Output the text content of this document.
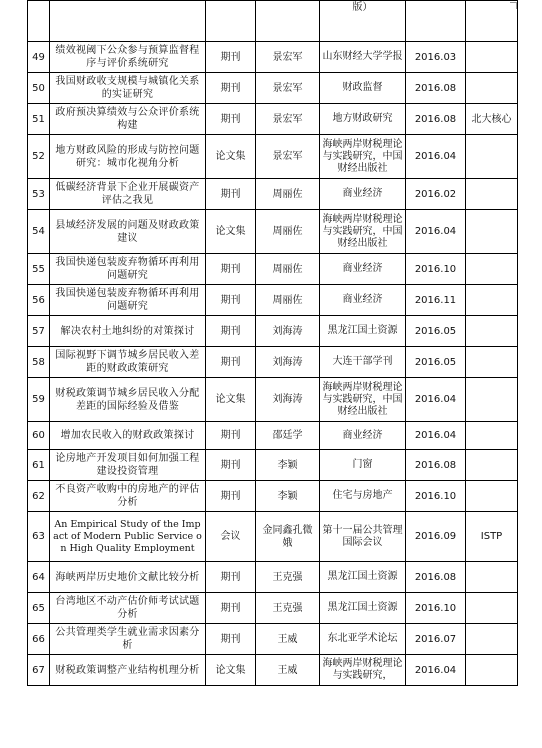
				版）		
49	绩效视阈下公众参与预算监督程序与评价系统研究	期刊	景宏军	山东财经大学学报	2016.03	
50	我国财政收支规模与城镇化关系的实证研究	期刊	景宏军	财政监督	2016.08	
51	政府预决算绩效与公众评价系统构建	期刊	景宏军	地方财政研究	2016.08	北大核心
52	地方财政风险的形成与防控问题研究：城市化视角分析	论文集	景宏军	海峡两岸财税理论与实践研究，中国财经出版社	2016.04	
53	低碳经济背景下企业开展碳资产评估之我见	期刊	周丽佐	商业经济	2016.02	
54	县域经济发展的问题及财政政策建议	论文集	周丽佐	海峡两岸财税理论与实践研究，中国财经出版社	2016.04	
55	我国快递包装废弃物循环再利用问题研究	期刊	周丽佐	商业经济	2016.10	
56	我国快递包装废弃物循环再利用问题研究	期刊	周丽佐	商业经济	2016.11	
57	解决农村土地纠纷的对策探讨	期刊	刘海涛	黑龙江国土资源	2016.05	
58	国际视野下调节城乡居民收入差距的财政政策研究	期刊	刘海涛	大连干部学刊	2016.05	
59	财税政策调节城乡居民收入分配差距的国际经验及借鉴	论文集	刘海涛	海峡两岸财税理论与实践研究，中国财经出版社	2016.04	
60	增加农民收入的财政政策探讨	期刊	邵廷学	商业经济	2016.04	
61	论房地产开发项目如何加强工程建设投资管理	期刊	李颖	门窗	2016.08	
62	不良资产收购中的房地产的评估分析	期刊	李颖	住宅与房地产	2016.10	
63	An Empirical Study of the Impact of Modern Public Service on High Quality Employment	会议	金同鑫孔微娥	第十一届公共管理国际会议	2016.09	ISTP
64	海峡两岸历史地价文献比较分析	期刊	王克强	黑龙江国土资源	2016.08	
65	台湾地区不动产估价师考试试题分析	期刊	王克强	黑龙江国土资源	2016.10	
66	公共管理类学生就业需求因素分析	期刊	王威	东北亚学术论坛	2016.07	
67	财税政策调整产业结构机理分析	论文集	王威	海峡两岸财税理论与实践研究，	2016.04	
